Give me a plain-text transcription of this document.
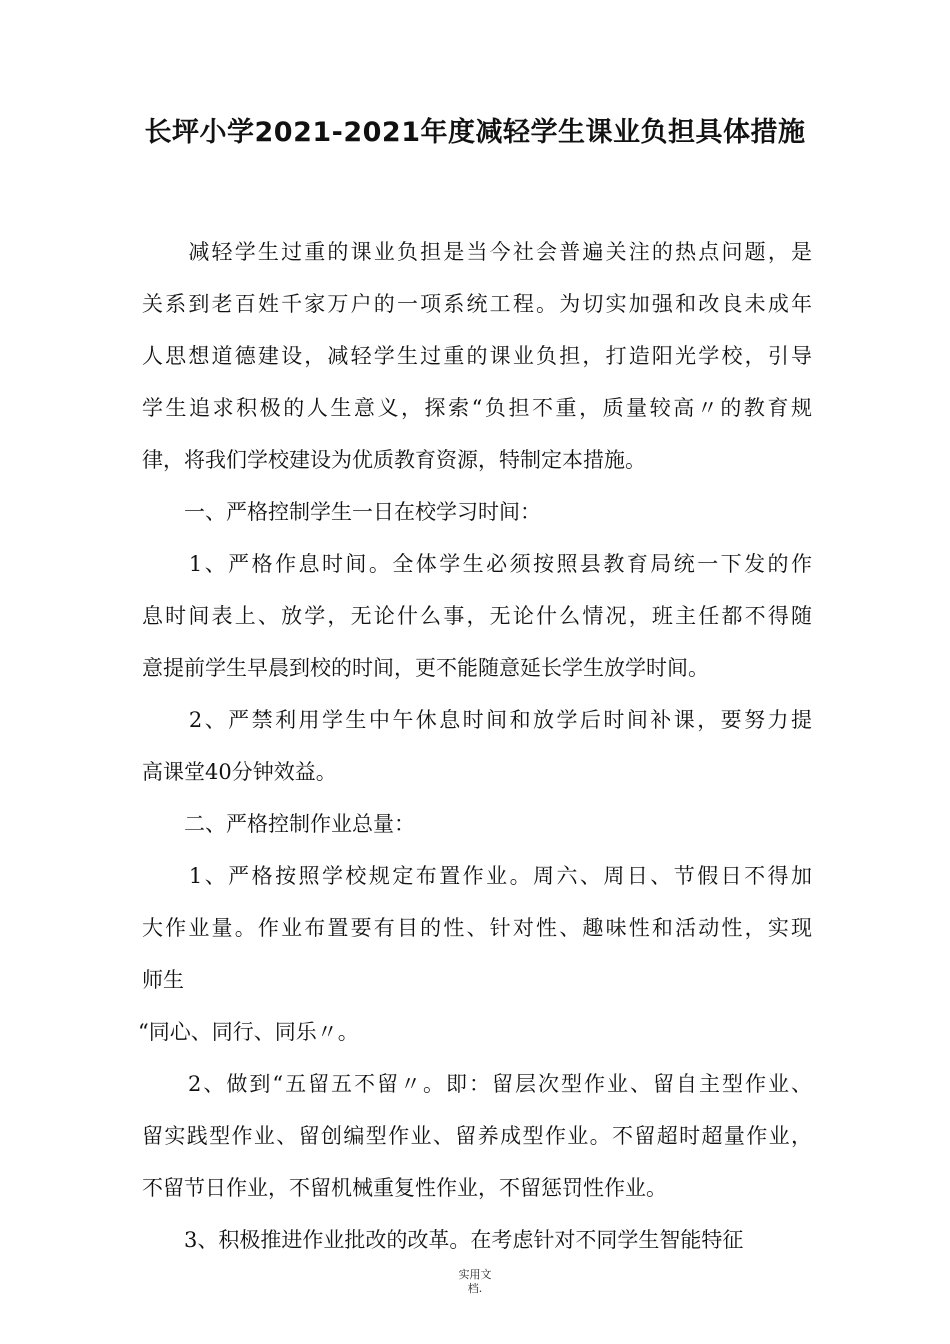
长坪小学2021-2021年度减轻学生课业负担具体措施
　　减轻学生过重的课业负担是当今社会普遍关注的热点问题，是
关系到老百姓千家万户的一项系统工程。为切实加强和改良未成年
人思想道德建设，减轻学生过重的课业负担，打造阳光学校，引导
学生追求积极的人生意义，探索“负担不重，质量较高〃的教育规
律，将我们学校建设为优质教育资源，特制定本措施。
　　一、严格控制学生一日在校学习时间：
　　1、严格作息时间。全体学生必须按照县教育局统一下发的作
息时间表上、放学，无论什么事，无论什么情况，班主任都不得随
意提前学生早晨到校的时间，更不能随意延长学生放学时间。
　　2、严禁利用学生中午休息时间和放学后时间补课，要努力提
高课堂40分钟效益。
　　二、严格控制作业总量：
　　1、严格按照学校规定布置作业。周六、周日、节假日不得加
大作业量。作业布置要有目的性、针对性、趣味性和活动性，实现
师生
“同心、同行、同乐〃。
　　2、做到“五留五不留〃。即：留层次型作业、留自主型作业、
留实践型作业、留创编型作业、留养成型作业。不留超时超量作业，
不留节日作业，不留机械重复性作业，不留惩罚性作业。
　　3、积极推进作业批改的改革。在考虑针对不同学生智能特征
实用文
档.
